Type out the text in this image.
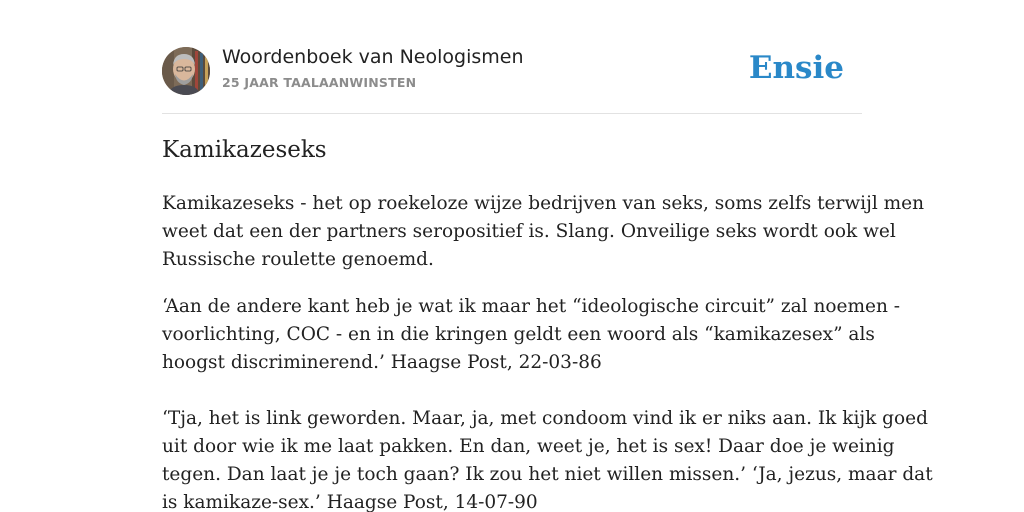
Woordenboek van Neologismen
25 JAAR TAALAANWINSTEN	Ensie
Kamikazeseks

Kamikazeseks - het op roekeloze wijze bedrijven van seks, soms zelfs terwijl men
weet dat een der partners seropositief is. Slang. Onveilige seks wordt ook wel
Russische roulette genoemd.

‘Aan de andere kant heb je wat ik maar het “ideologische circuit” zal noemen -
voorlichting, COC - en in die kringen geldt een woord als “kamikazesex” als
hoogst discriminerend.’ Haagse Post, 22-03-86

‘Tja, het is link geworden. Maar, ja, met condoom vind ik er niks aan. Ik kijk goed
uit door wie ik me laat pakken. En dan, weet je, het is sex! Daar doe je weinig
tegen. Dan laat je je toch gaan? Ik zou het niet willen missen.’ ‘Ja, jezus, maar dat
is kamikaze-sex.’ Haagse Post, 14-07-90
